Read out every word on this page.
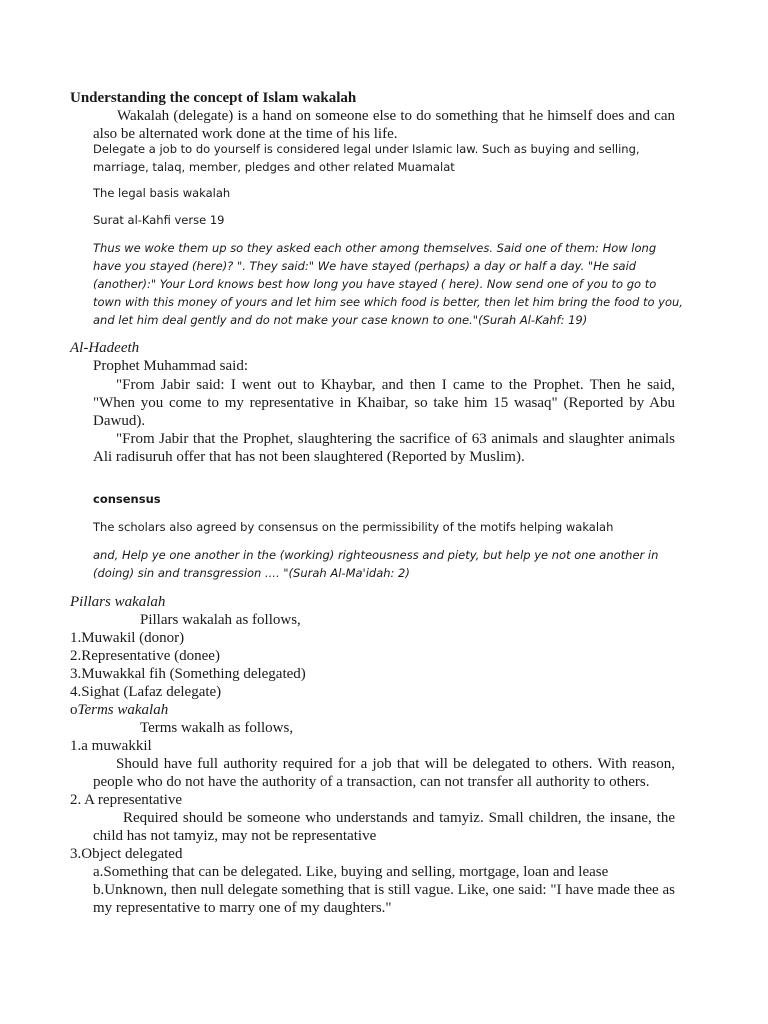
Understanding the concept of Islam wakalah

Wakalah (delegate) is a hand on someone else to do something that he himself does and can also be alternated work done at the time of his life.

Delegate a job to do yourself is considered legal under Islamic law. Such as buying and selling, marriage, talaq, member, pledges and other related Muamalat

The legal basis wakalah
Surat al-Kahfi verse 19

Thus we woke them up so they asked each other among themselves. Said one of them: How long have you stayed (here)? ". They said:" We have stayed (perhaps) a day or half a day. "He said (another):" Your Lord knows best how long you have stayed ( here). Now send one of you to go to town with this money of yours and let him see which food is better, then let him bring the food to you, and let him deal gently and do not make your case known to one."(Surah Al-Kahf: 19)

Al-Hadeeth
Prophet Muhammad said:

"From Jabir said: I went out to Khaybar, and then I came to the Prophet. Then he said, "When you come to my representative in Khaibar, so take him 15 wasaq" (Reported by Abu Dawud).

"From Jabir that the Prophet, slaughtering the sacrifice of 63 animals and slaughter animals Ali radisuruh offer that has not been slaughtered (Reported by Muslim).

consensus

The scholars also agreed by consensus on the permissibility of the motifs helping wakalah

and, Help ye one another in the (working) righteousness and piety, but help ye not one another in (doing) sin and transgression .... "(Surah Al-Ma'idah: 2)

Pillars wakalah
Pillars wakalah as follows,
1.Muwakil (donor)
2.Representative (donee)
3.Muwakkal fih (Something delegated)
4.Sighat (Lafaz delegate)
oTerms wakalah
Terms wakalh as follows,
1.a muwakkil

Should have full authority required for a job that will be delegated to others. With reason, people who do not have the authority of a transaction, can not transfer all authority to others.

2. A representative

Required should be someone who understands and tamyiz. Small children, the insane, the child has not tamyiz, may not be representative

3.Object delegated

a.Something that can be delegated. Like, buying and selling, mortgage, loan and lease

b.Unknown, then null delegate something that is still vague. Like, one said: "I have made thee as my representative to marry one of my daughters."
